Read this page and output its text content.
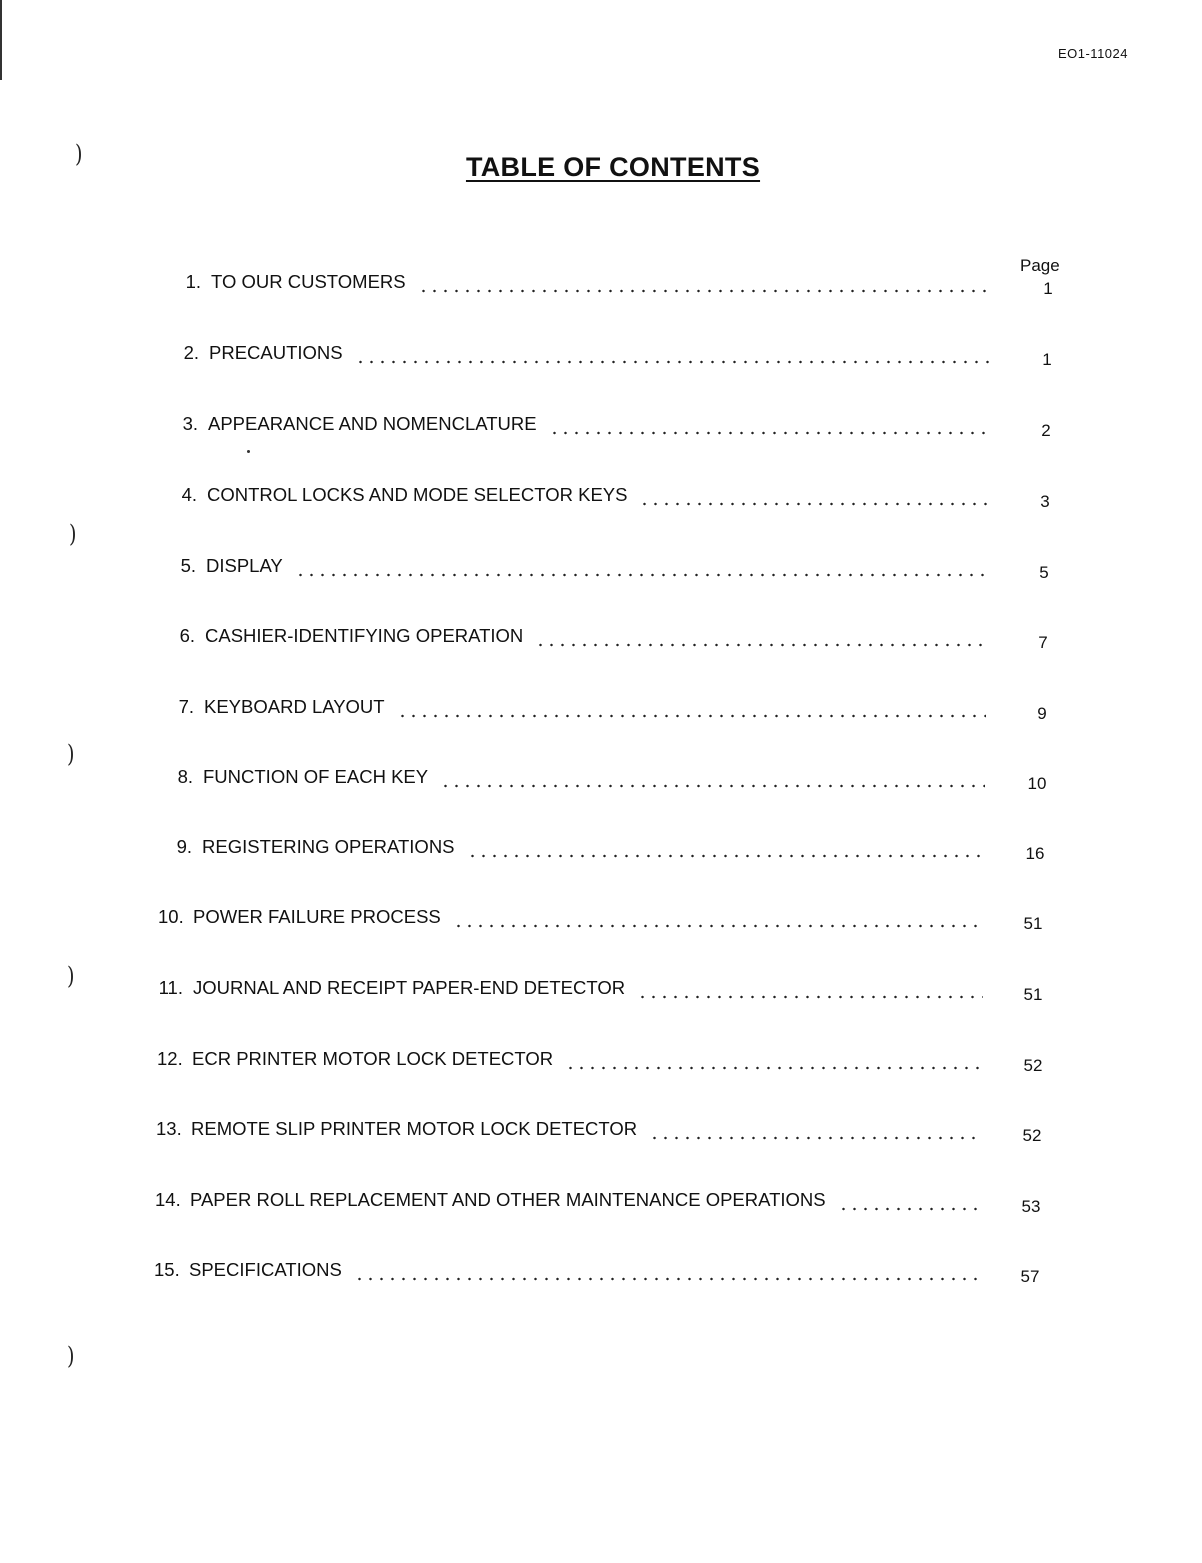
EO1-11024
TABLE OF CONTENTS
Page
1. TO OUR CUSTOMERS
2. PRECAUTIONS
3. APPEARANCE AND NOMENCLATURE
4. CONTROL LOCKS AND MODE SELECTOR KEYS
5. DISPLAY
6. CASHIER-IDENTIFYING OPERATION
7. KEYBOARD LAYOUT
8. FUNCTION OF EACH KEY
9. REGISTERING OPERATIONS
10. POWER FAILURE PROCESS
11. JOURNAL AND RECEIPT PAPER-END DETECTOR
12. ECR PRINTER MOTOR LOCK DETECTOR
13. REMOTE SLIP PRINTER MOTOR LOCK DETECTOR
14. PAPER ROLL REPLACEMENT AND OTHER MAINTENANCE OPERATIONS
15. SPECIFICATIONS
1
1
2
3
5
7
9
10
16
51
51
52
52
53
57
)
)
)
)
)
